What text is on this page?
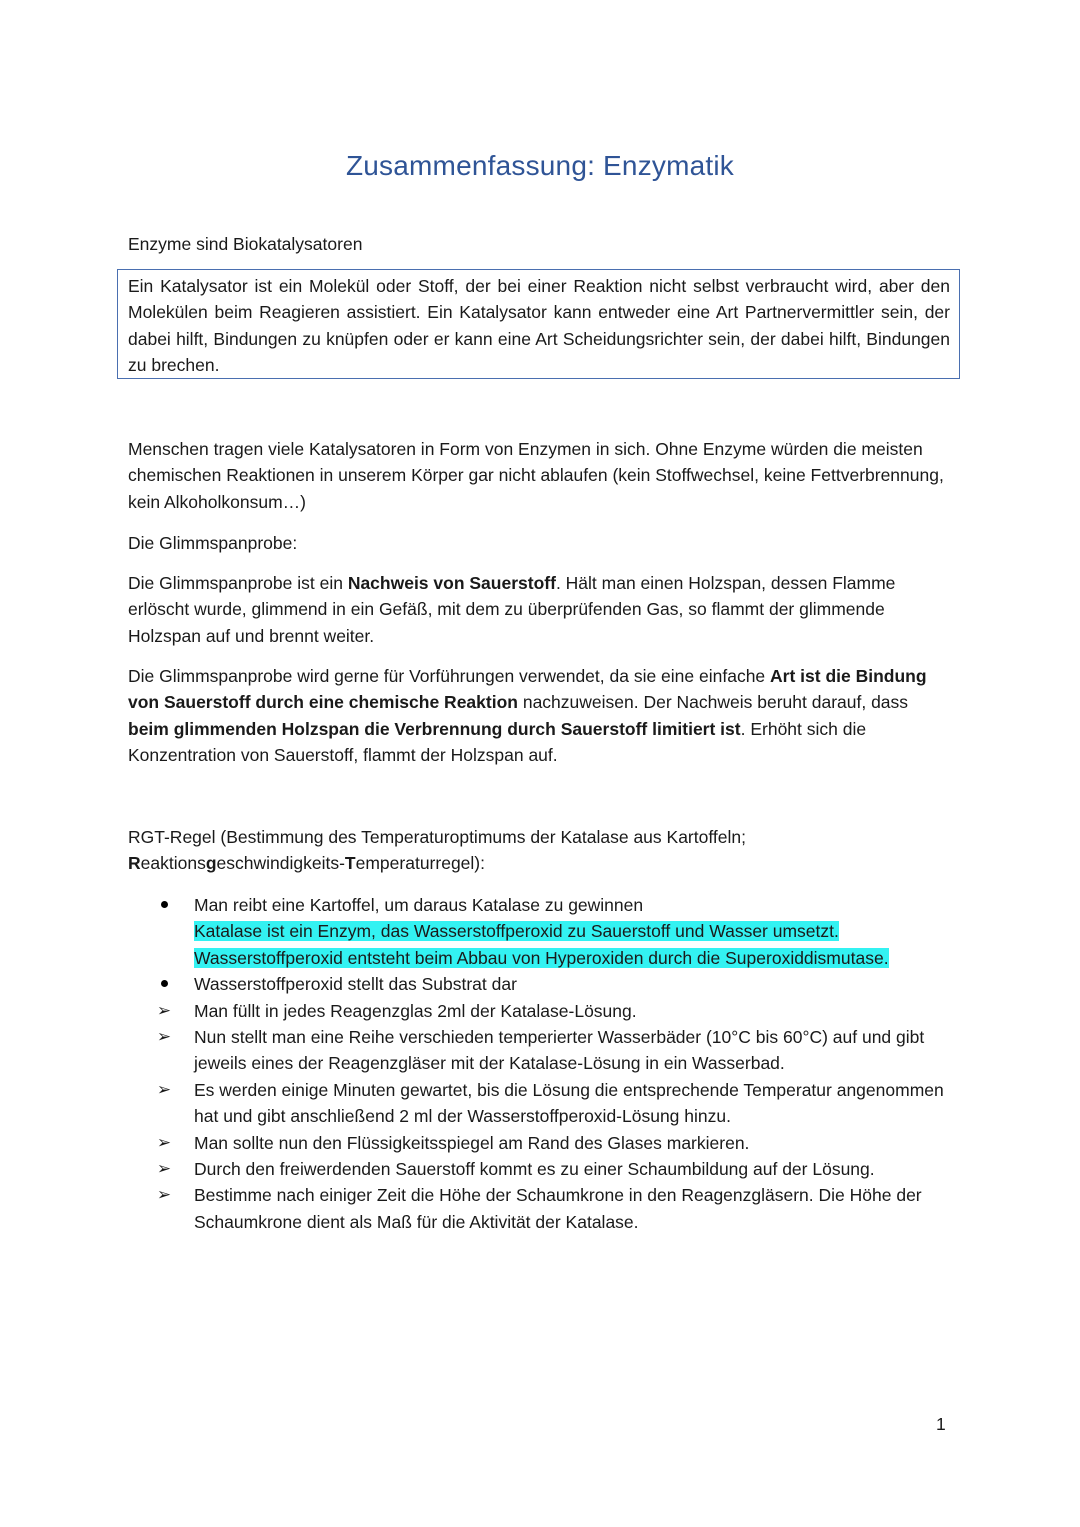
Zusammenfassung: Enzymatik
Enzyme sind Biokatalysatoren
Ein Katalysator ist ein Molekül oder Stoff, der bei einer Reaktion nicht selbst verbraucht wird, aber den Molekülen beim Reagieren assistiert. Ein Katalysator kann entweder eine Art Partnervermittler sein, der dabei hilft, Bindungen zu knüpfen oder er kann eine Art Scheidungsrichter sein, der dabei hilft, Bindungen zu brechen.
Menschen tragen viele Katalysatoren in Form von Enzymen in sich. Ohne Enzyme würden die meisten chemischen Reaktionen in unserem Körper gar nicht ablaufen (kein Stoffwechsel, keine Fettverbrennung, kein Alkoholkonsum…)
Die Glimmspanprobe:
Die Glimmspanprobe ist ein Nachweis von Sauerstoff. Hält man einen Holzspan, dessen Flamme erlöscht wurde, glimmend in ein Gefäß, mit dem zu überprüfenden Gas, so flammt der glimmende Holzspan auf und brennt weiter.
Die Glimmspanprobe wird gerne für Vorführungen verwendet, da sie eine einfache Art ist die Bindung von Sauerstoff durch eine chemische Reaktion nachzuweisen. Der Nachweis beruht darauf, dass beim glimmenden Holzspan die Verbrennung durch Sauerstoff limitiert ist. Erhöht sich die Konzentration von Sauerstoff, flammt der Holzspan auf.
RGT-Regel (Bestimmung des Temperaturoptimums der Katalase aus Kartoffeln;
Reaktionsgeschwindigkeits-Temperaturregel):
Man reibt eine Kartoffel, um daraus Katalase zu gewinnen
Katalase ist ein Enzym, das Wasserstoffperoxid zu Sauerstoff und Wasser umsetzt.
Wasserstoffperoxid entsteht beim Abbau von Hyperoxiden durch die Superoxiddismutase.
Wasserstoffperoxid stellt das Substrat dar
➢ Man füllt in jedes Reagenzglas 2ml der Katalase-Lösung.
➢ Nun stellt man eine Reihe verschieden temperierter Wasserbäder (10°C bis 60°C) auf und gibt jeweils eines der Reagenzgläser mit der Katalase-Lösung in ein Wasserbad.
➢ Es werden einige Minuten gewartet, bis die Lösung die entsprechende Temperatur angenommen hat und gibt anschließend 2 ml der Wasserstoffperoxid-Lösung hinzu.
➢ Man sollte nun den Flüssigkeitsspiegel am Rand des Glases markieren.
➢ Durch den freiwerdenden Sauerstoff kommt es zu einer Schaumbildung auf der Lösung.
➢ Bestimme nach einiger Zeit die Höhe der Schaumkrone in den Reagenzgläsern. Die Höhe der Schaumkrone dient als Maß für die Aktivität der Katalase.
1
